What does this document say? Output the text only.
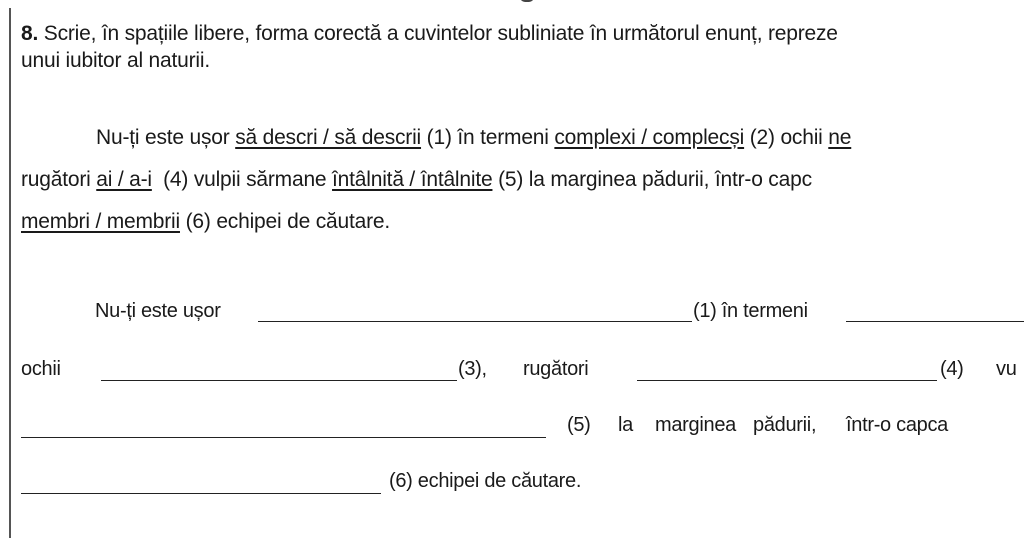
8. Scrie, în spațiile libere, forma corectă a cuvintelor subliniate în următorul enunț, repreze
unui iubitor al naturii.
Nu-ți este ușor să descri / să descrii (1) în termeni complexi / complecși (2) ochii ne
rugători ai / a-i  (4) vulpii sărmane întâlnită / întâlnite (5) la marginea pădurii, într-o capc
membri / membrii (6) echipei de căutare.
Nu-ți este ușor	(1) în termeni
ochii	(3), rugători	(4) vu
(5) la marginea pădurii, într-o capca
(6) echipei de căutare.
